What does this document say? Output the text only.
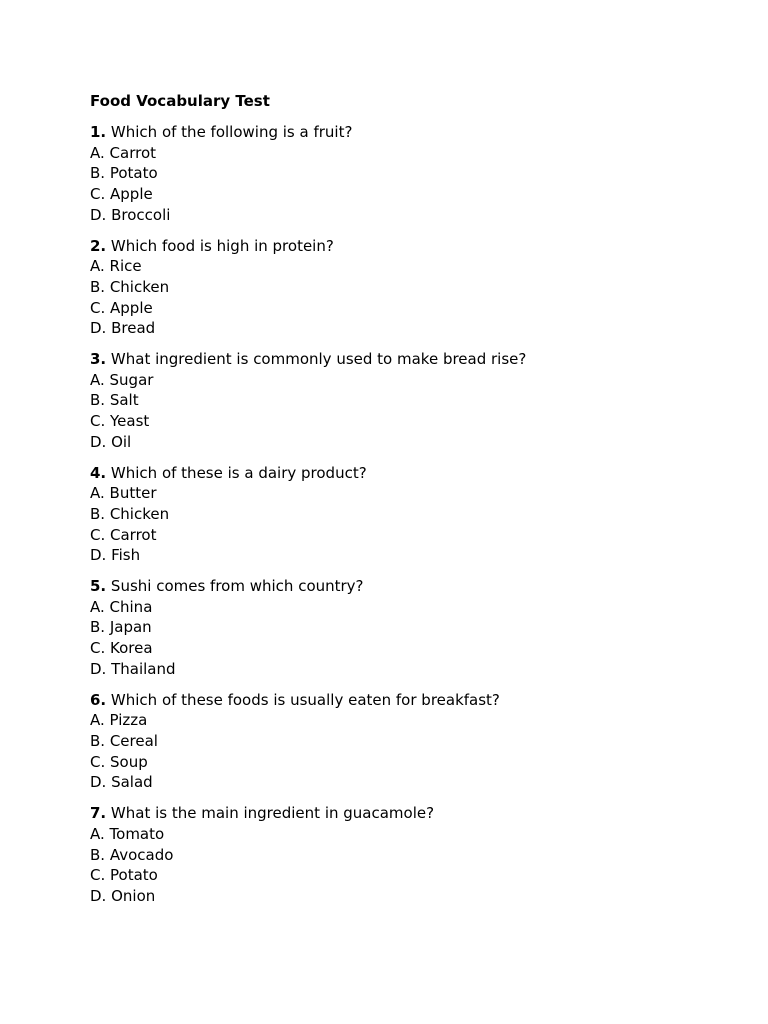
Food Vocabulary Test

1. Which of the following is a fruit?

A. Carrot
B. Potato
C. Apple
D. Broccoli

2. Which food is high in protein?

A. Rice
B. Chicken
C. Apple
D. Bread

3. What ingredient is commonly used to make bread rise?

A. Sugar
B. Salt
C. Yeast
D. Oil

4. Which of these is a dairy product?

A. Butter
B. Chicken
C. Carrot
D. Fish

5. Sushi comes from which country?

A. China
B. Japan
C. Korea
D. Thailand

6. Which of these foods is usually eaten for breakfast?

A. Pizza
B. Cereal
C. Soup
D. Salad

7. What is the main ingredient in guacamole?

A. Tomato
B. Avocado
C. Potato
D. Onion
